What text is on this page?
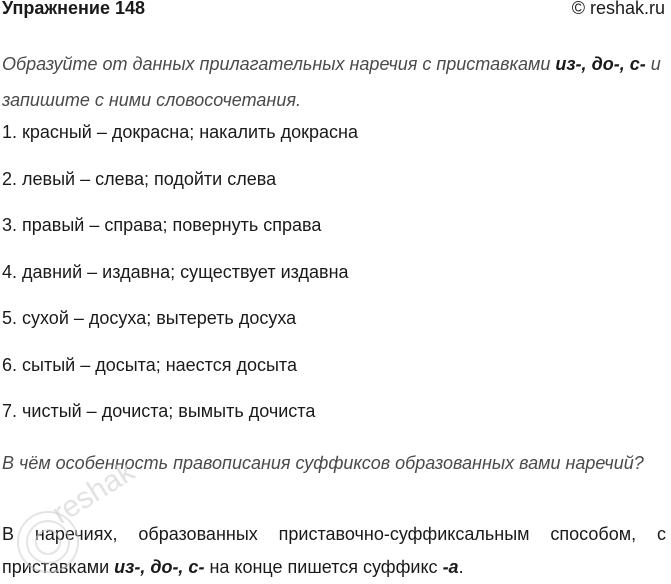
Упражнение 148	© reshak.ru
Образуйте от данных прилагательных наречия с приставками из-, до-, с- и запишите с ними словосочетания.
1. красный – докрасна; накалить докрасна
2. левый – слева; подойти слева
3. правый – справа; повернуть справа
4. давний – издавна; существует издавна
5. сухой – досуха; вытереть досуха
6. сытый – досыта; наестся досыта
7. чистый – дочиста; вымыть дочиста
В чём особенность правописания суффиксов образованных вами наречий?
В наречиях, образованных приставочно-суффиксальным способом, с приставками из-, до-, с- на конце пишется суффикс -а.
reshak
